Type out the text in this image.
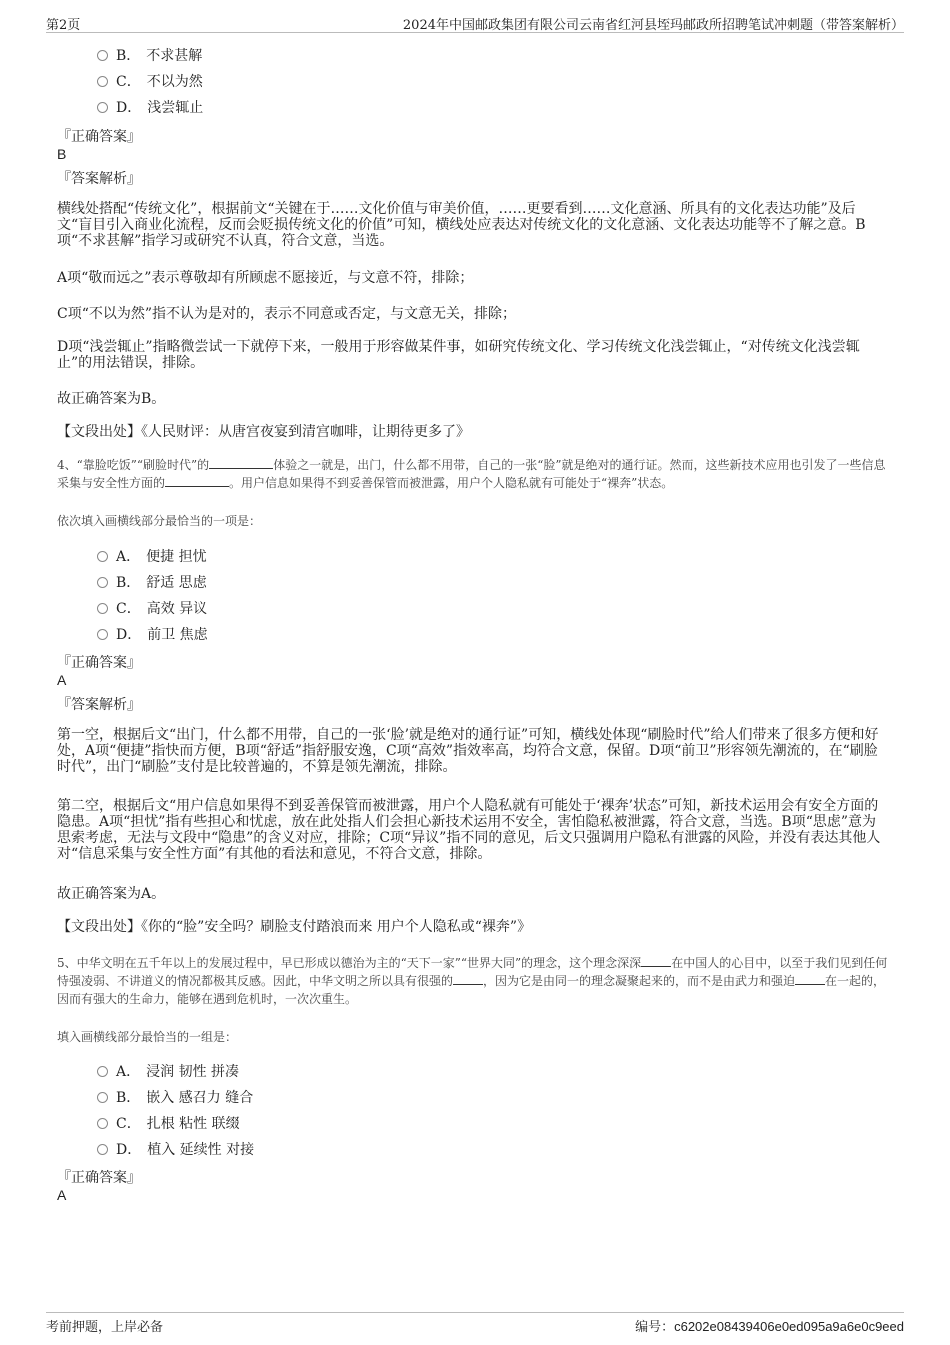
第2页	2024年中国邮政集团有限公司云南省红河县垤玛邮政所招聘笔试冲刺题（带答案解析）
B． 不求甚解
C． 不以为然
D． 浅尝辄止
『正确答案』
B
『答案解析』
横线处搭配“传统文化”，根据前文“关键在于……文化价值与审美价值，……更要看到……文化意涵、所具有的文化表达功能”及后文“盲目引入商业化流程，反而会贬损传统文化的价值”可知，横线处应表达对传统文化的文化意涵、文化表达功能等不了解之意。B项“不求甚解”指学习或研究不认真，符合文意，当选。
A项“敬而远之”表示尊敬却有所顾虑不愿接近，与文意不符，排除；
C项“不以为然”指不认为是对的，表示不同意或否定，与文意无关，排除；
D项“浅尝辄止”指略微尝试一下就停下来，一般用于形容做某件事，如研究传统文化、学习传统文化浅尝辄止，“对传统文化浅尝辄止”的用法错误，排除。
故正确答案为B。
【文段出处】《人民财评：从唐宫夜宴到清宫咖啡，让期待更多了》
4、“靠脸吃饭”“刷脸时代”的	体验之一就是，出门，什么都不用带，自己的一张“脸”就是绝对的通行证。然而，这些新技术应用也引发了一些信息采集与安全性方面的	。用户信息如果得不到妥善保管而被泄露，用户个人隐私就有可能处于“裸奔”状态。
依次填入画横线部分最恰当的一项是：
A． 便捷 担忧
B． 舒适 思虑
C． 高效 异议
D． 前卫 焦虑
『正确答案』
A
『答案解析』
第一空，根据后文“出门，什么都不用带，自己的一张‘脸’就是绝对的通行证”可知，横线处体现“刷脸时代”给人们带来了很多方便和好处，A项“便捷”指快而方便，B项“舒适”指舒服安逸，C项“高效”指效率高，均符合文意，保留。D项“前卫”形容领先潮流的，在“刷脸时代”，出门“刷脸”支付是比较普遍的，不算是领先潮流，排除。
第二空，根据后文“用户信息如果得不到妥善保管而被泄露，用户个人隐私就有可能处于‘裸奔’状态”可知，新技术运用会有安全方面的隐患。A项“担忧”指有些担心和忧虑，放在此处指人们会担心新技术运用不安全，害怕隐私被泄露，符合文意，当选。B项“思虑”意为思索考虑，无法与文段中“隐患”的含义对应，排除；C项“异议”指不同的意见，后文只强调用户隐私有泄露的风险，并没有表达其他人对“信息采集与安全性方面”有其他的看法和意见，不符合文意，排除。
故正确答案为A。
【文段出处】《你的“脸”安全吗？刷脸支付踏浪而来 用户个人隐私或“裸奔”》
5、中华文明在五千年以上的发展过程中，早已形成以德治为主的“天下一家”“世界大同”的理念，这个理念深深	在中国人的心目中，以至于我们见到任何恃强凌弱、不讲道义的情况都极其反感。因此，中华文明之所以具有很强的	，因为它是由同一的理念凝聚起来的，而不是由武力和强迫	在一起的，因而有强大的生命力，能够在遇到危机时，一次次重生。
填入画横线部分最恰当的一组是：
A． 浸润 韧性 拼凑
B． 嵌入 感召力 缝合
C． 扎根 粘性 联缀
D． 植入 延续性 对接
『正确答案』
A
考前押题，上岸必备	编号：c6202e08439406e0ed095a9a6e0c9eed
